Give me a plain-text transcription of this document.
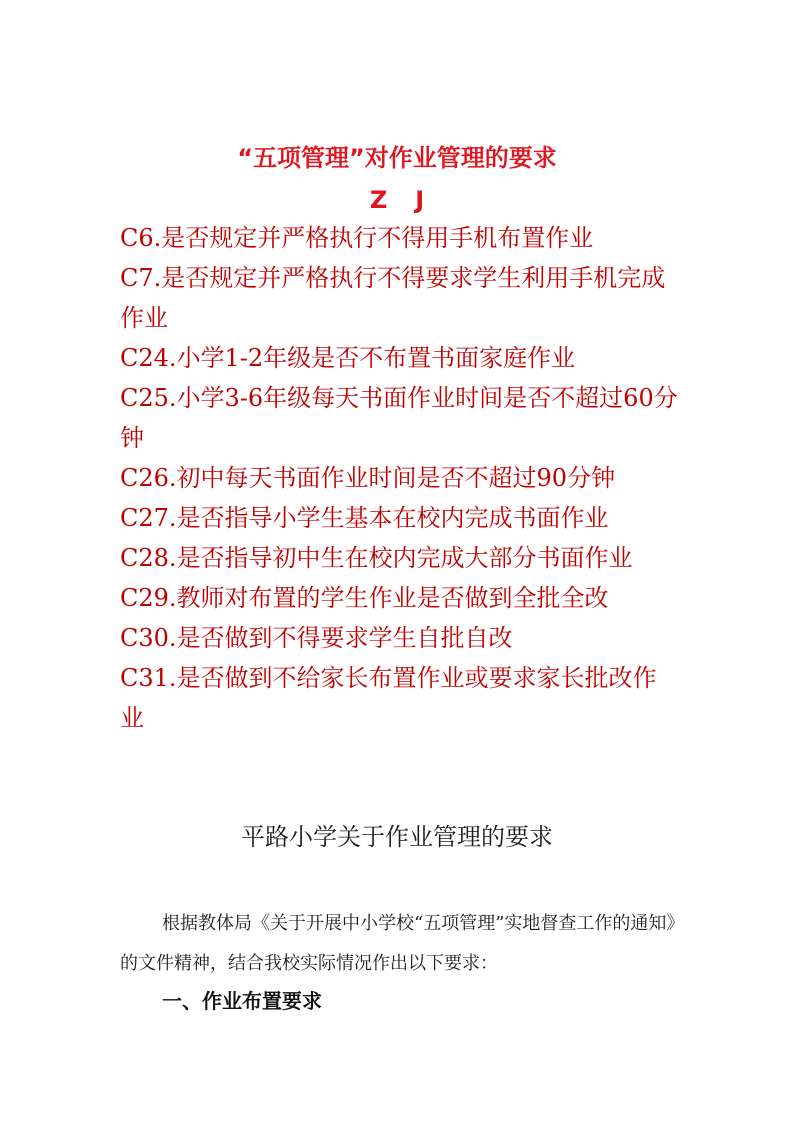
“五项管理”对作业管理的要求
ZJ

C6.是否规定并严格执行不得用手机布置作业

C7.是否规定并严格执行不得要求学生利用手机完成作业

C24.小学1-2年级是否不布置书面家庭作业

C25.小学3-6年级每天书面作业时间是否不超过60分钟

C26.初中每天书面作业时间是否不超过90分钟

C27.是否指导小学生基本在校内完成书面作业

C28.是否指导初中生在校内完成大部分书面作业

C29.教师对布置的学生作业是否做到全批全改

C30.是否做到不得要求学生自批自改

C31.是否做到不给家长布置作业或要求家长批改作业

平路小学关于作业管理的要求

根据教体局《关于开展中小学校“五项管理”实地督查工作的通知》的文件精神，结合我校实际情况作出以下要求：

一、作业布置要求
